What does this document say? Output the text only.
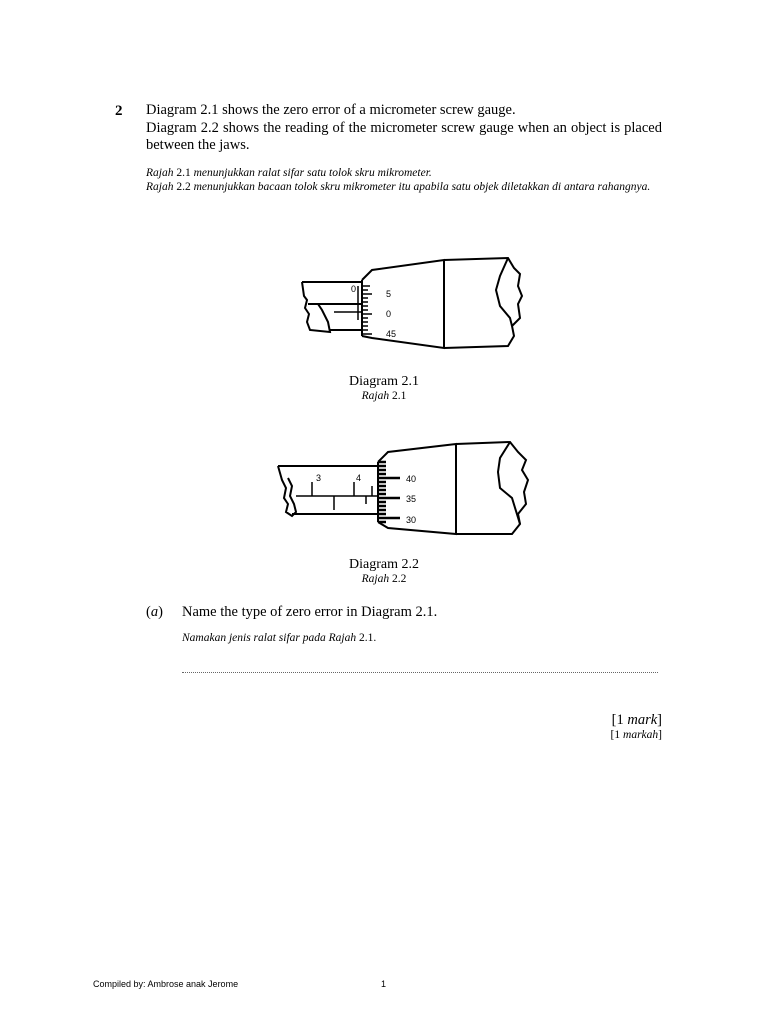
2 Diagram 2.1 shows the zero error of a micrometer screw gauge.
Diagram 2.2 shows the reading of the micrometer screw gauge when an object is placed between the jaws.
Rajah 2.1 menunjukkan ralat sifar satu tolok skru mikrometer.
Rajah 2.2 menunjukkan bacaan tolok skru mikrometer itu apabila satu objek diletakkan di antara rahangnya.
0	5
0
45
3	4	40
35
30
Diagram 2.1
Rajah 2.1
Diagram 2.2
Rajah 2.2
(a) Name the type of zero error in Diagram 2.1.
Namakan jenis ralat sifar pada Rajah 2.1.
[1 mark]
[1 markah]
Compiled by: Ambrose anak Jerome	1
